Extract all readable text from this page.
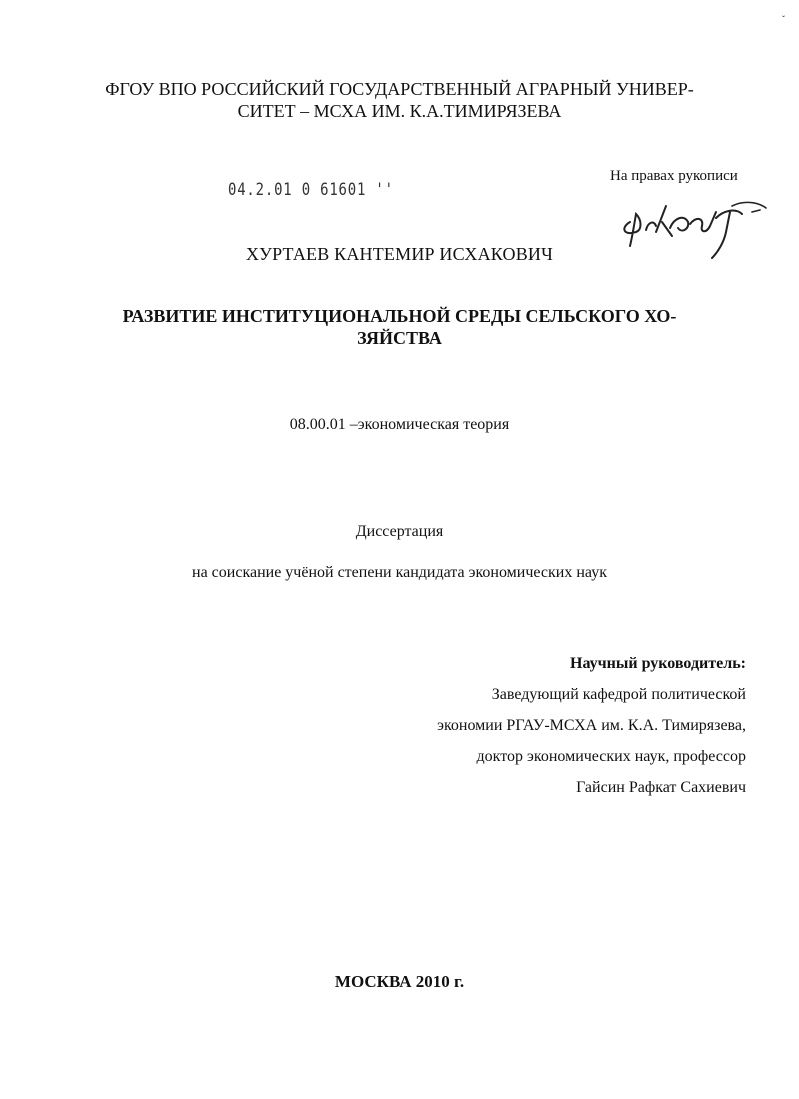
ˇ
ФГОУ ВПО РОССИЙСКИЙ ГОСУДАРСТВЕННЫЙ АГРАРНЫЙ УНИВЕР-
СИТЕТ – МСХА ИМ. К.А.ТИМИРЯЗЕВА
04.2.01 0 61601 ''
На правах рукописи
ХУРТАЕВ КАНТЕМИР ИСХАКОВИЧ
РАЗВИТИЕ ИНСТИТУЦИОНАЛЬНОЙ СРЕДЫ СЕЛЬСКОГО ХО-
ЗЯЙСТВА
08.00.01 –экономическая теория
Диссертация
на соискание учёной степени кандидата экономических наук
Научный руководитель:
Заведующий кафедрой политической
экономии РГАУ-МСХА им. К.А. Тимирязева,
доктор экономических наук, профессор
Гайсин Рафкат Сахиевич
МОСКВА 2010 г.
